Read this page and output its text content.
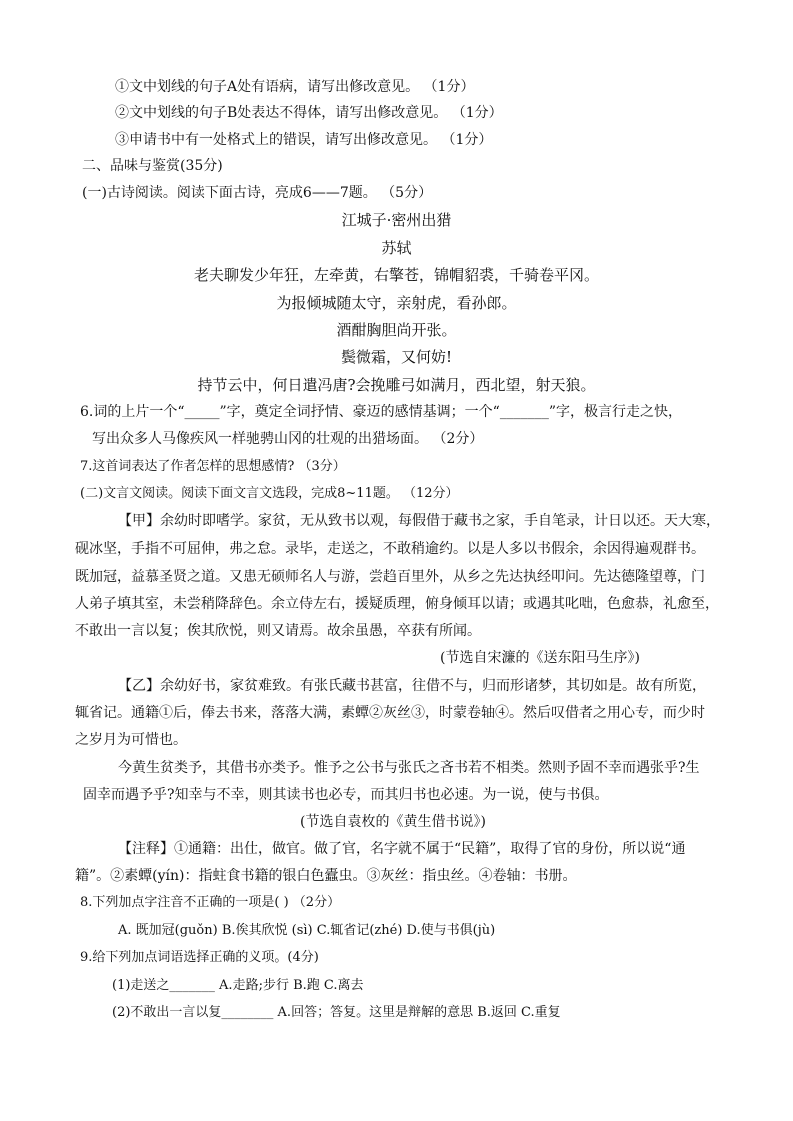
①文中划线的句子A处有语病，请写出修改意见。 （1分）
②文中划线的句子B处表达不得体，请写出修改意见。 （1分）
③申请书中有一处格式上的错误，请写出修改意见。 （1分）
二、品味与鉴赏(35分)
(一)古诗阅读。阅读下面古诗，亮成6——7题。 （5分）
江城子·密州出猎
苏轼
老夫聊发少年狂，左牵黄，右擎苍，锦帽貂裘，千骑卷平冈。
为报倾城随太守，亲射虎，看孙郎。
酒酣胸胆尚开张。
鬓微霜，又何妨!
持节云中，何日遣冯唐?会挽雕弓如满月，西北望，射天狼。
6.词的上片一个“_____”字，奠定全词抒情、豪迈的感情基调；一个“_______”字，极言行走之快，
写出众多人马像疾风一样驰骋山冈的壮观的出猎场面。 （2分）
7.这首词表达了作者怎样的思想感情? （3分）
(二)文言文阅读。阅读下面文言文选段，完成8~11题。 （12分）
【甲】余幼时即嗜学。家贫，无从致书以观，每假借于藏书之家，手自笔录，计日以还。天大寒，
砚冰坚，手指不可屈伸，弗之怠。录毕，走送之，不敢稍逾约。以是人多以书假余，余因得遍观群书。
既加冠，益慕圣贤之道。又患无硕师名人与游，尝趋百里外，从乡之先达执经叩问。先达德隆望尊，门
人弟子填其室，未尝稍降辞色。余立侍左右，援疑质理，俯身倾耳以请；或遇其叱咄，色愈恭，礼愈至，
不敢出一言以复；俟其欣悦，则又请焉。故余虽愚，卒获有所闻。
(节选自宋濂的《送东阳马生序》)
【乙】余幼好书，家贫难致。有张氏藏书甚富，往借不与，归而形诸梦，其切如是。故有所览，
辄省记。通籍①后，俸去书来，落落大满，素蟫②灰丝③，时蒙卷轴④。然后叹借者之用心专，而少时
之岁月为可惜也。
今黄生贫类予，其借书亦类予。惟予之公书与张氏之吝书若不相类。然则予固不幸而遇张乎?生
固幸而遇予乎?知幸与不幸，则其读书也必专，而其归书也必速。为一说，使与书俱。
(节选自袁枚的《黄生借书说》)
【注释】①通籍：出仕，做官。做了官，名字就不属于“民籍”，取得了官的身份，所以说“通
籍”。②素蟫(yín)：指蛀食书籍的银白色蠹虫。③灰丝：指虫丝。④卷轴：书册。
8.下列加点字注音不正确的一项是( ) （2分）
A. 既加冠(guǒn) B.俟其欣悦 (sì) C.辄省记(zhé) D.使与书俱(jù)
9.给下列加点词语选择正确的义项。(4分)
(1)走送之_______ A.走路;步行 B.跑 C.离去
(2)不敢出一言以复________ A.回答；答复。这里是辩解的意思 B.返回 C.重复
